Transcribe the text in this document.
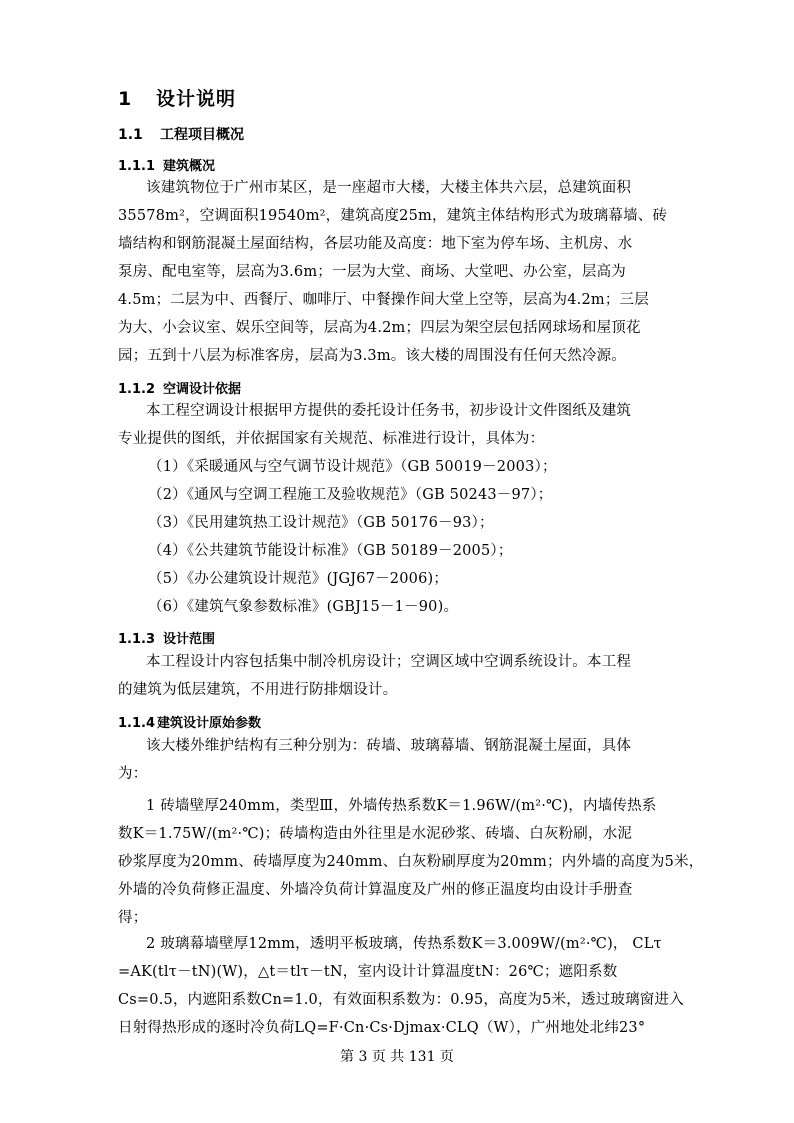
1 设计说明
1.1 工程项目概况
1.1.1 建筑概况
该建筑物位于广州市某区，是一座超市大楼，大楼主体共六层，总建筑面积
35578m²，空调面积19540m²，建筑高度25m，建筑主体结构形式为玻璃幕墙、砖
墙结构和钢筋混凝土屋面结构，各层功能及高度：地下室为停车场、主机房、水
泵房、配电室等，层高为3.6m；一层为大堂、商场、大堂吧、办公室，层高为
4.5m；二层为中、西餐厅、咖啡厅、中餐操作间大堂上空等，层高为4.2m；三层
为大、小会议室、娱乐空间等，层高为4.2m；四层为架空层包括网球场和屋顶花
园；五到十八层为标准客房，层高为3.3m。该大楼的周围没有任何天然冷源。
1.1.2 空调设计依据
本工程空调设计根据甲方提供的委托设计任务书，初步设计文件图纸及建筑
专业提供的图纸，并依据国家有关规范、标准进行设计，具体为：
（1）《采暖通风与空气调节设计规范》（GB 50019－2003）；
（2）《通风与空调工程施工及验收规范》（GB 50243－97）；
（3）《民用建筑热工设计规范》（GB 50176－93）；
（4）《公共建筑节能设计标准》（GB 50189－2005）；
（5）《办公建筑设计规范》(JGJ67－2006)；
（6）《建筑气象参数标准》(GBJ15－1－90)。
1.1.3 设计范围
本工程设计内容包括集中制冷机房设计；空调区域中空调系统设计。本工程
的建筑为低层建筑，不用进行防排烟设计。
1.1.4 建筑设计原始参数
该大楼外维护结构有三种分别为：砖墙、玻璃幕墙、钢筋混凝土屋面，具体
为：
1 砖墙壁厚240mm，类型Ⅲ，外墙传热系数K＝1.96W/(m²·℃)，内墙传热系
数K＝1.75W/(m²·℃)；砖墙构造由外往里是水泥砂浆、砖墙、白灰粉刷，水泥
砂浆厚度为20mm、砖墙厚度为240mm、白灰粉刷厚度为20mm；内外墙的高度为5米，
外墙的冷负荷修正温度、外墙冷负荷计算温度及广州的修正温度均由设计手册查
得；
2 玻璃幕墙壁厚12mm，透明平板玻璃，传热系数K＝3.009W/(m²·℃)， CLτ
=AK(tlτ－tN)(W)，△t＝tlτ－tN，室内设计计算温度tN：26℃；遮阳系数
Cs=0.5，内遮阳系数Cn=1.0，有效面积系数为：0.95，高度为5米，透过玻璃窗进入
日射得热形成的逐时冷负荷LQ=F·Cn·Cs·Djmax·CLQ（W），广州地处北纬23°
第 3 页 共 131 页
